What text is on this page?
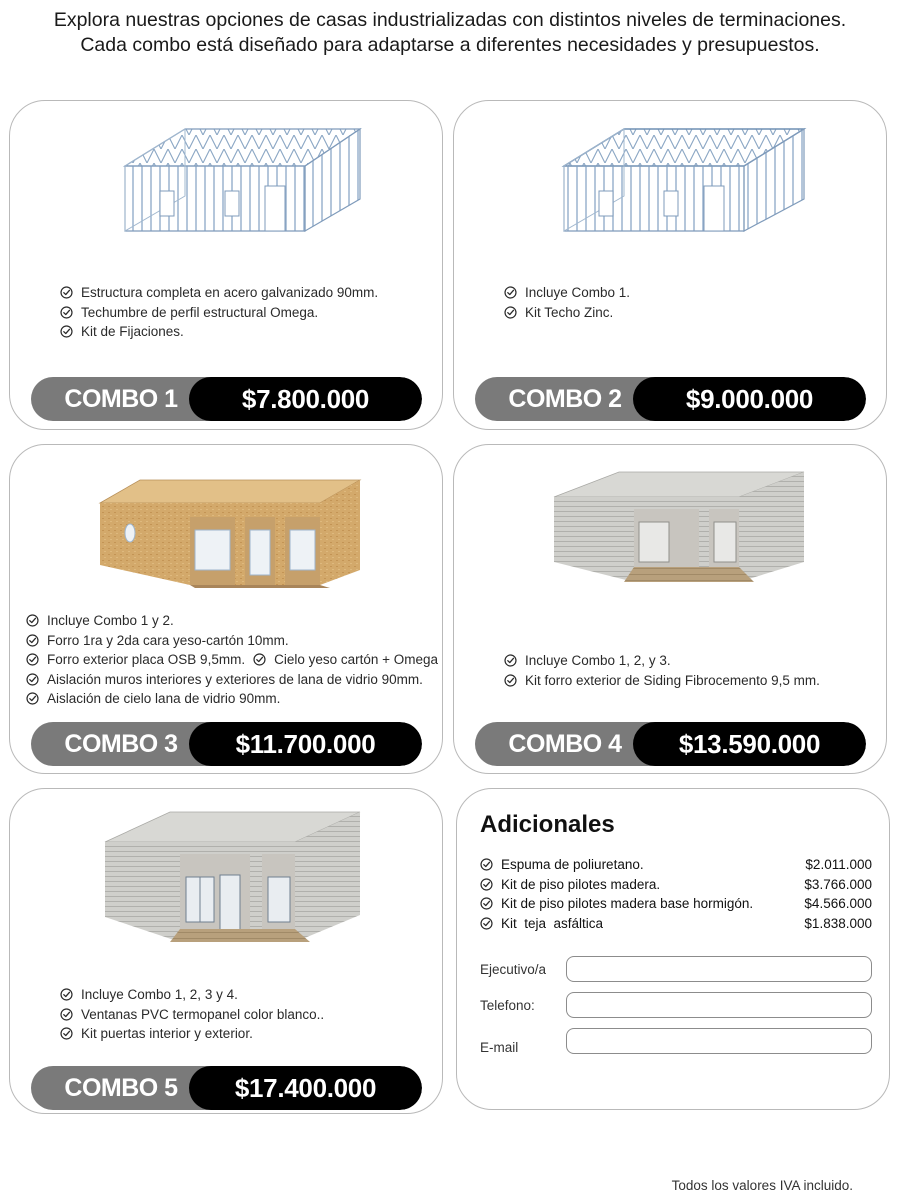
Explora nuestras opciones de casas industrializadas con distintos niveles de terminaciones.
Cada combo está diseñado para adaptarse a diferentes necesidades y presupuestos.
Estructura completa en acero galvanizado 90mm.
Techumbre de perfil estructural Omega.
Kit de Fijaciones.
COMBO 1	$7.800.000
Incluye Combo 1.
Kit Techo Zinc.
COMBO 2	$9.000.000
Incluye Combo 1 y 2.
Forro 1ra y 2da cara yeso-cartón 10mm.
Forro exterior placa OSB 9,5mm. Cielo yeso cartón + Omega
Aislación muros interiores y exteriores de lana de vidrio 90mm.
Aislación de cielo lana de vidrio 90mm.
COMBO 3	$11.700.000
Incluye Combo 1, 2, y 3.
Kit forro exterior de Siding Fibrocemento 9,5 mm.
COMBO 4	$13.590.000
Incluye Combo 1, 2, 3 y 4.
Ventanas PVC termopanel color blanco..
Kit puertas interior y exterior.
COMBO 5	$17.400.000
Adicionales
Espuma de poliuretano.	$2.011.000
Kit de piso pilotes madera.	$3.766.000
Kit de piso pilotes madera base hormigón.	$4.566.000
Kit  teja  asfáltica	$1.838.000
Ejecutivo/a
Telefono:
E-mail
Todos los valores IVA incluido.
